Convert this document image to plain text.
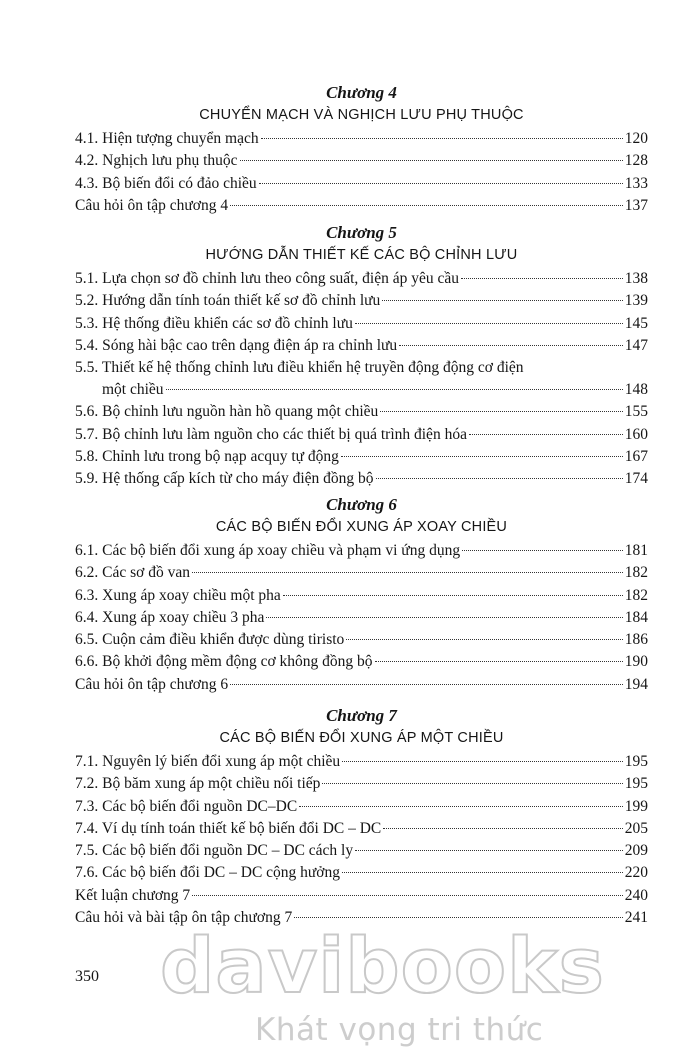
Chương 4
CHUYỂN MẠCH VÀ NGHỊCH LƯU PHỤ THUỘC
4.1. Hiện tượng chuyển mạch	120
4.2. Nghịch lưu phụ thuộc	128
4.3. Bộ biến đổi có đảo chiều	133
Câu hỏi ôn tập chương 4	137
Chương 5
HƯỚNG DẪN THIẾT KẾ CÁC BỘ CHỈNH LƯU
5.1. Lựa chọn sơ đồ chỉnh lưu theo công suất, điện áp yêu cầu	138
5.2. Hướng dẫn tính toán thiết kế sơ đồ chỉnh lưu	139
5.3. Hệ thống điều khiển các sơ đồ chỉnh lưu	145
5.4. Sóng hài bậc cao trên dạng điện áp ra chỉnh lưu	147
5.5. Thiết kế hệ thống chỉnh lưu điều khiển hệ truyền động động cơ điện
một chiều	148
5.6. Bộ chỉnh lưu nguồn hàn hồ quang một chiều	155
5.7. Bộ chỉnh lưu làm nguồn cho các thiết bị quá trình điện hóa	160
5.8. Chỉnh lưu trong bộ nạp acquy tự động	167
5.9. Hệ thống cấp kích từ cho máy điện đồng bộ	174
Chương 6
CÁC BỘ BIẾN ĐỔI XUNG ÁP XOAY CHIỀU
6.1. Các bộ biến đổi xung áp xoay chiều và phạm vi ứng dụng	181
6.2. Các sơ đồ van	182
6.3. Xung áp xoay chiều một pha	182
6.4. Xung áp xoay chiều 3 pha	184
6.5. Cuộn cảm điều khiển được dùng tiristo	186
6.6. Bộ khởi động mềm động cơ không đồng bộ	190
Câu hỏi ôn tập chương 6	194
Chương 7
CÁC BỘ BIẾN ĐỔI XUNG ÁP MỘT CHIỀU
7.1. Nguyên lý biến đổi xung áp một chiều	195
7.2. Bộ băm xung áp một chiều nối tiếp	195
7.3. Các bộ biến đổi nguồn DC–DC	199
7.4. Ví dụ tính toán thiết kế bộ biến đổi DC – DC	205
7.5. Các bộ biến đổi nguồn DC – DC cách ly	209
7.6. Các bộ biến đổi DC – DC cộng hưởng	220
Kết luận chương 7	240
Câu hỏi và bài tập ôn tập chương 7	241
350 davibooks
Khát vọng tri thức
